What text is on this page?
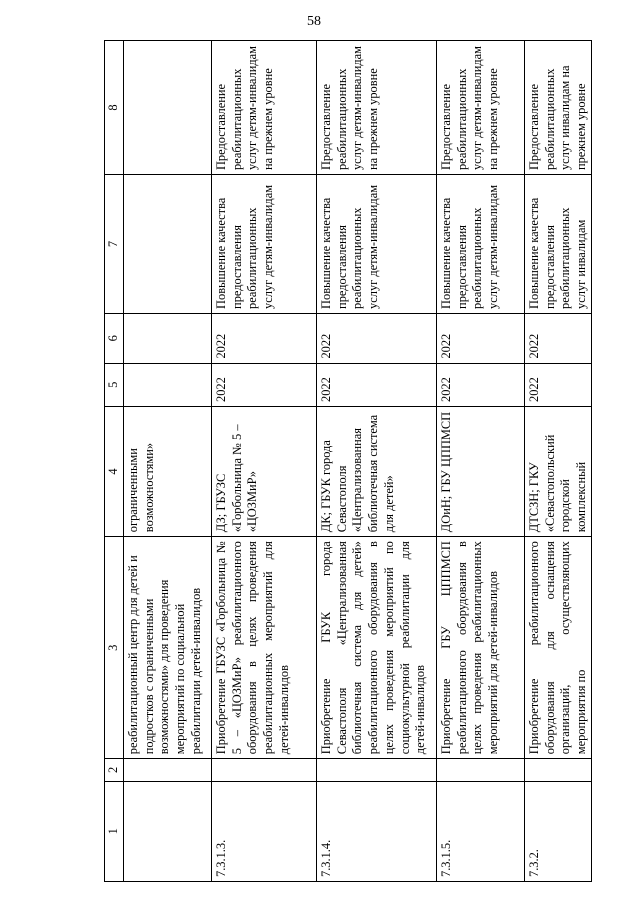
58
1	2	3	4	5	6	7	8
		реабилитационный центр для детей и подростков с ограниченными возможностями» для проведения мероприятий по социальной реабилитации детей-инвалидов	ограниченными возможностями»				
7.3.1.3.		Приобретение ГБУЗС «Горбольница № 5 – «ЦОЗМиР» реабилитационного оборудования в целях проведения реабилитационных мероприятий для детей-инвалидов	ДЗ; ГБУЗС «Горбольница № 5 – «ЦОЗМиР»	2022	2022	Повышение качества предоставления реабилитационных услуг детям-инвалидам	Предоставление реабилитационных услуг детям-инвалидам на прежнем уровне
7.3.1.4.		Приобретение ГБУК города Севастополя «Централизованная библиотечная система для детей» реабилитационного оборудования в целях проведения мероприятий по социокультурной реабилитации для детей-инвалидов	ДК; ГБУК города Севастополя «Централизованная библиотечная система для детей»	2022	2022	Повышение качества предоставления реабилитационных услуг детям-инвалидам	Предоставление реабилитационных услуг детям-инвалидам на прежнем уровне
7.3.1.5.		Приобретение ГБУ ЦППМСП реабилитационного оборудования в целях проведения реабилитационных мероприятий для детей-инвалидов	ДОиН; ГБУ ЦППМСП	2022	2022	Повышение качества предоставления реабилитационных услуг детям-инвалидам	Предоставление реабилитационных услуг детям-инвалидам на прежнем уровне
7.3.2.		Приобретение реабилитационного оборудования для оснащения организаций, осуществляющих мероприятия по	ДТСЗН; ГКУ «Севастопольский городской комплексный	2022	2022	Повышение качества предоставления реабилитационных услуг инвалидам	Предоставление реабилитационных услуг инвалидам на прежнем уровне
